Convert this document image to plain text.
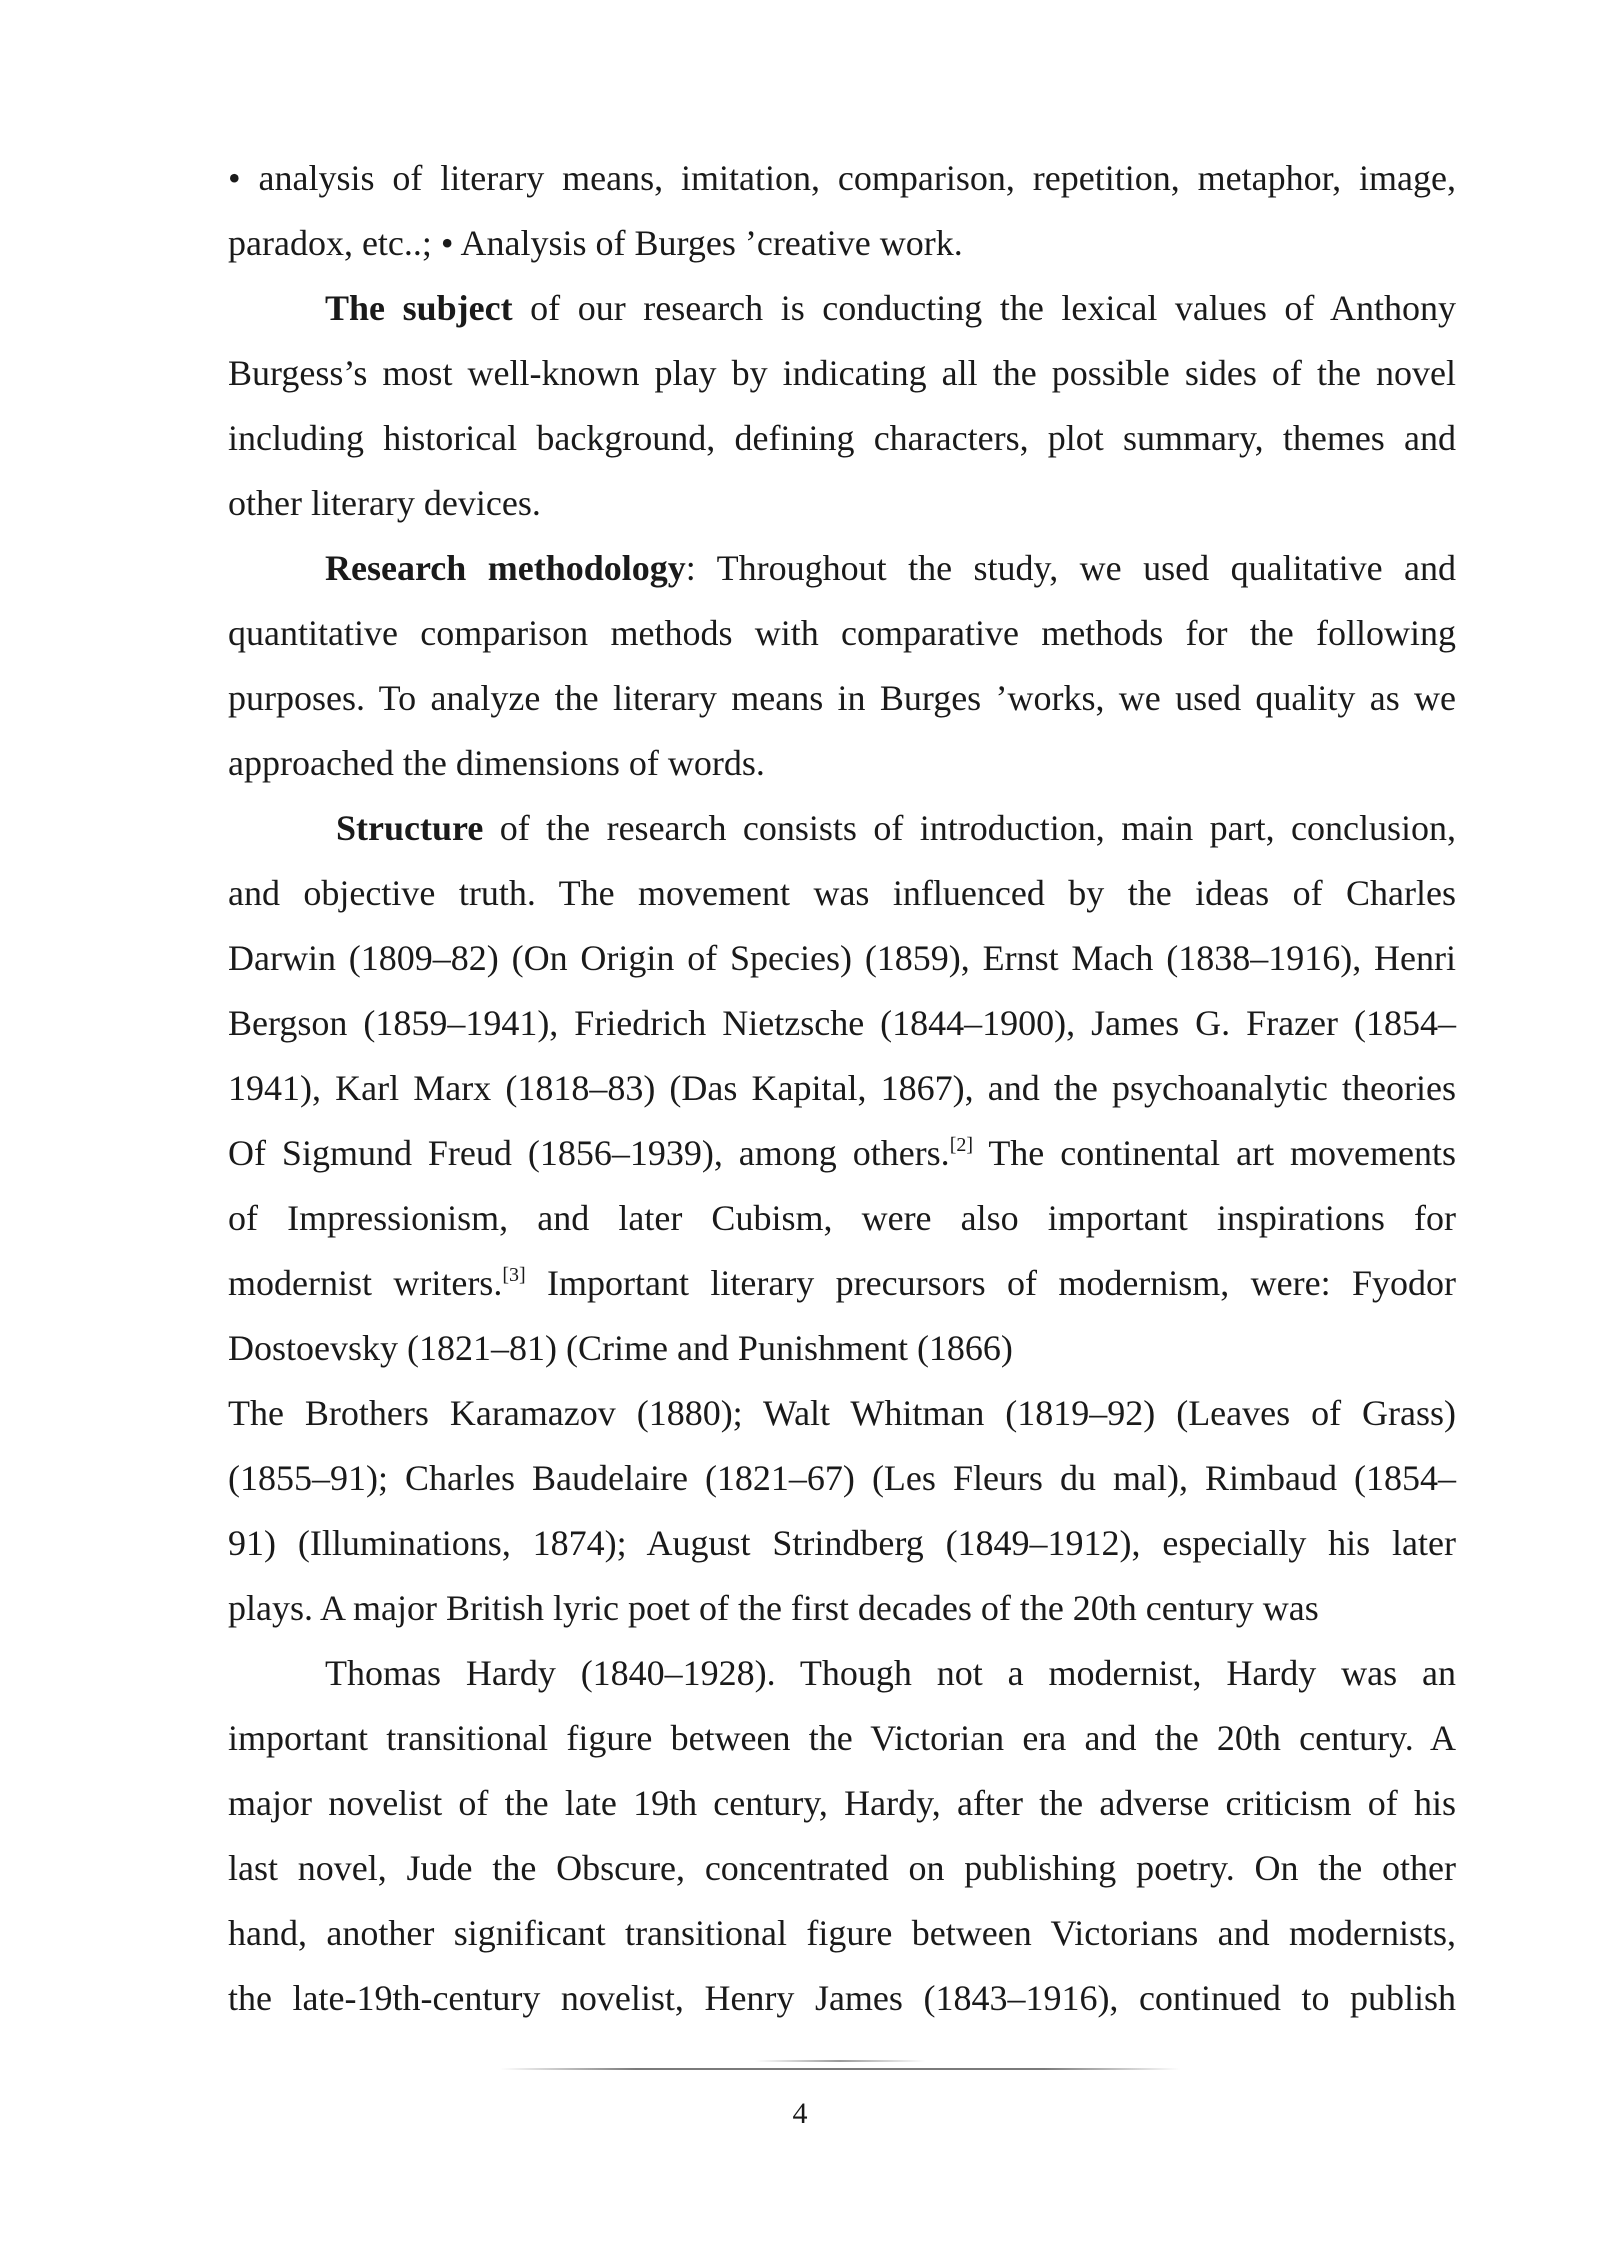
• analysis of literary means, imitation, comparison, repetition, metaphor, image,
paradox, etc..; • Analysis of Burges ’creative work.
The subject of our research is conducting the lexical values of Anthony
Burgess’s most well-known play by indicating all the possible sides of the novel
including historical background, defining characters, plot summary, themes and
other literary devices.
Research methodology: Throughout the study, we used qualitative and
quantitative comparison methods with comparative methods for the following
purposes. To analyze the literary means in Burges ’works, we used quality as we
approached the dimensions of words.
Structure of the research consists of introduction, main part, conclusion,
and objective truth. The movement was influenced by the ideas of Charles
Darwin (1809–82) (On Origin of Species) (1859), Ernst Mach (1838–1916), Henri
Bergson (1859–1941), Friedrich Nietzsche (1844–1900), James G. Frazer (1854–
1941), Karl Marx (1818–83) (Das Kapital, 1867), and the psychoanalytic theories
Of Sigmund Freud (1856–1939), among others.[2] The continental art movements
of Impressionism, and later Cubism, were also important inspirations for
modernist writers.[3] Important literary precursors of modernism, were: Fyodor
Dostoevsky (1821–81) (Crime and Punishment (1866)
The Brothers Karamazov (1880); Walt Whitman (1819–92) (Leaves of Grass)
(1855–91); Charles Baudelaire (1821–67) (Les Fleurs du mal), Rimbaud (1854–
91) (Illuminations, 1874); August Strindberg (1849–1912), especially his later
plays. A major British lyric poet of the first decades of the 20th century was
Thomas Hardy (1840–1928). Though not a modernist, Hardy was an
important transitional figure between the Victorian era and the 20th century. A
major novelist of the late 19th century, Hardy, after the adverse criticism of his
last novel, Jude the Obscure, concentrated on publishing poetry. On the other
hand, another significant transitional figure between Victorians and modernists,
the late-19th-century novelist, Henry James (1843–1916), continued to publish
4
